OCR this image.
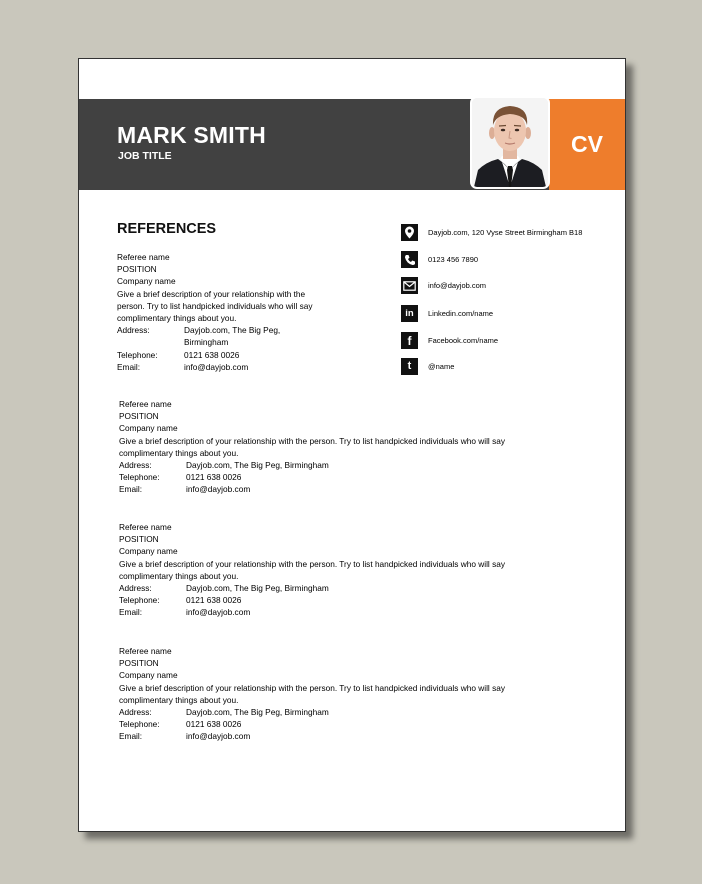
MARK SMITH
JOB TITLE	CV
REFERENCES
Referee name
POSITION
Company name
Give a brief description of your relationship with the person. Try to list handpicked individuals who will say complimentary things about you.
Address:	Dayjob.com, The Big Peg, Birmingham
Telephone:	0121 638 0026
Email:	info@dayjob.com
Referee name
POSITION
Company name
Give a brief description of your relationship with the person. Try to list handpicked individuals who will say complimentary things about you.
Address:	Dayjob.com, The Big Peg, Birmingham
Telephone:	0121 638 0026
Email:	info@dayjob.com
Referee name
POSITION
Company name
Give a brief description of your relationship with the person. Try to list handpicked individuals who will say complimentary things about you.
Address:	Dayjob.com, The Big Peg, Birmingham
Telephone:	0121 638 0026
Email:	info@dayjob.com
Referee name
POSITION
Company name
Give a brief description of your relationship with the person. Try to list handpicked individuals who will say complimentary things about you.
Address:	Dayjob.com, The Big Peg, Birmingham
Telephone:	0121 638 0026
Email:	info@dayjob.com
Dayjob.com, 120 Vyse Street Birmingham B18
0123 456 7890
info@dayjob.com
in	Linkedin.com/name
f	Facebook.com/name
t	@name
